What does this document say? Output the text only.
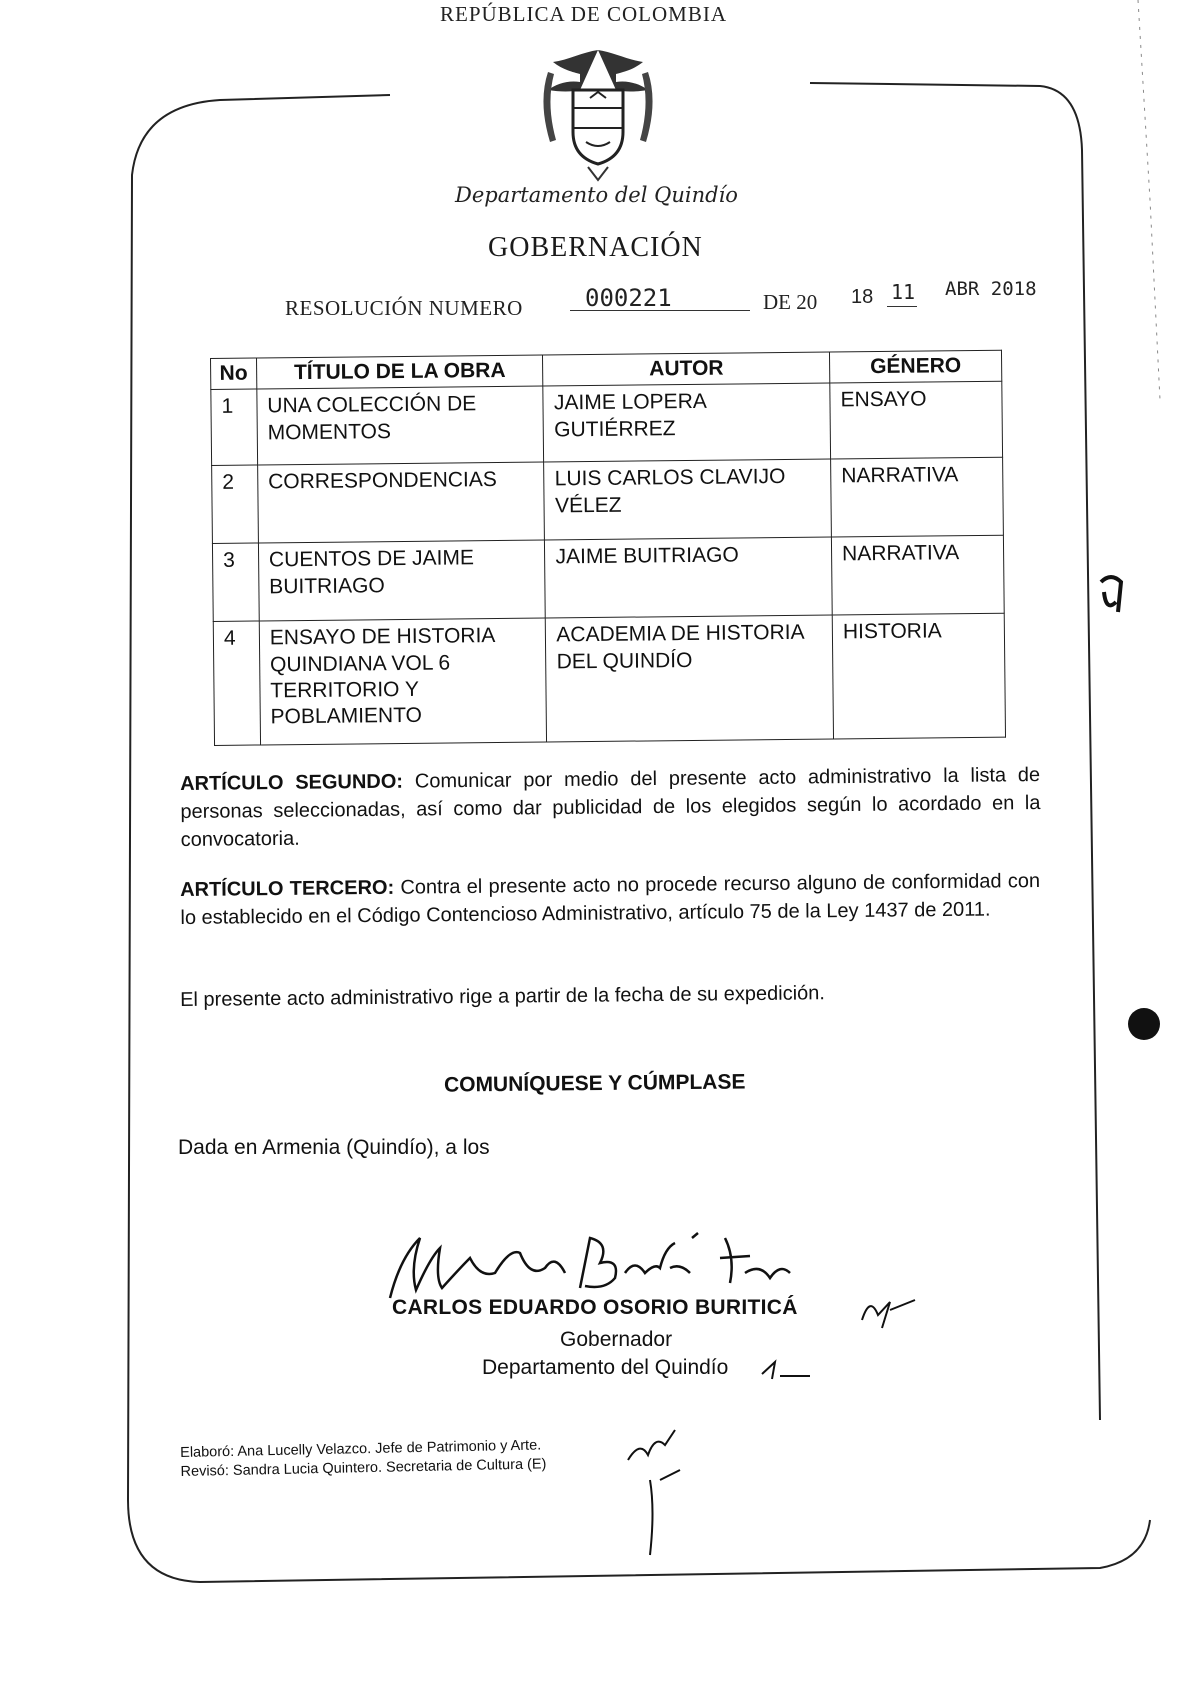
REPÚBLICA DE COLOMBIA
Departamento del Quindío
GOBERNACIÓN
RESOLUCIÓN NUMERO	000221	DE 20 18 11 ABR 2018
No	TÍTULO DE LA OBRA	AUTOR	GÉNERO
1	UNA COLECCIÓN DE MOMENTOS	JAIME LOPERA GUTIÉRREZ	ENSAYO
2	CORRESPONDENCIAS	LUIS CARLOS CLAVIJO VÉLEZ	NARRATIVA
3	CUENTOS DE JAIME BUITRIAGO	JAIME BUITRIAGO	NARRATIVA
4	ENSAYO DE HISTORIA QUINDIANA VOL 6 TERRITORIO Y POBLAMIENTO	ACADEMIA DE HISTORIA DEL QUINDÍO	HISTORIA
ARTÍCULO SEGUNDO: Comunicar por medio del presente acto administrativo la lista de personas seleccionadas, así como dar publicidad de los elegidos según lo acordado en la convocatoria.
ARTÍCULO TERCERO: Contra el presente acto no procede recurso alguno de conformidad con lo establecido en el Código Contencioso Administrativo, artículo 75 de la Ley 1437 de 2011.
El presente acto administrativo rige a partir de la fecha de su expedición.
COMUNÍQUESE Y CÚMPLASE
Dada en Armenia (Quindío), a los
CARLOS EDUARDO OSORIO BURITICÁ
Gobernador
Departamento del Quindío
Elaboró: Ana Lucelly Velazco. Jefe de Patrimonio y Arte.
Revisó: Sandra Lucia Quintero. Secretaria de Cultura (E)
